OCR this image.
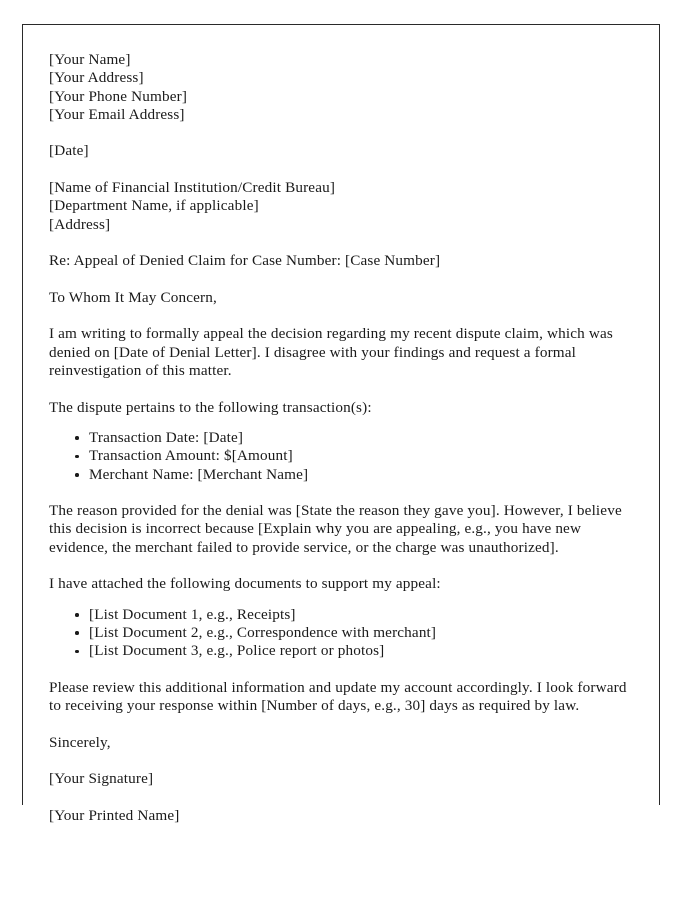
[Your Name]
[Your Address]
[Your Phone Number]
[Your Email Address]
[Date]
[Name of Financial Institution/Credit Bureau]
[Department Name, if applicable]
[Address]
Re: Appeal of Denied Claim for Case Number: [Case Number]
To Whom It May Concern,

I am writing to formally appeal the decision regarding my recent dispute claim, which was denied on [Date of Denial Letter]. I disagree with your findings and request a formal reinvestigation of this matter.

The dispute pertains to the following transaction(s):
Transaction Date: [Date]
Transaction Amount: $[Amount]
Merchant Name: [Merchant Name]

The reason provided for the denial was [State the reason they gave you]. However, I believe this decision is incorrect because [Explain why you are appealing, e.g., you have new evidence, the merchant failed to provide service, or the charge was unauthorized].

I have attached the following documents to support my appeal:
[List Document 1, e.g., Receipts]
[List Document 2, e.g., Correspondence with merchant]
[List Document 3, e.g., Police report or photos]

Please review this additional information and update my account accordingly. I look forward to receiving your response within [Number of days, e.g., 30] days as required by law.

Sincerely,
[Your Signature]
[Your Printed Name]
